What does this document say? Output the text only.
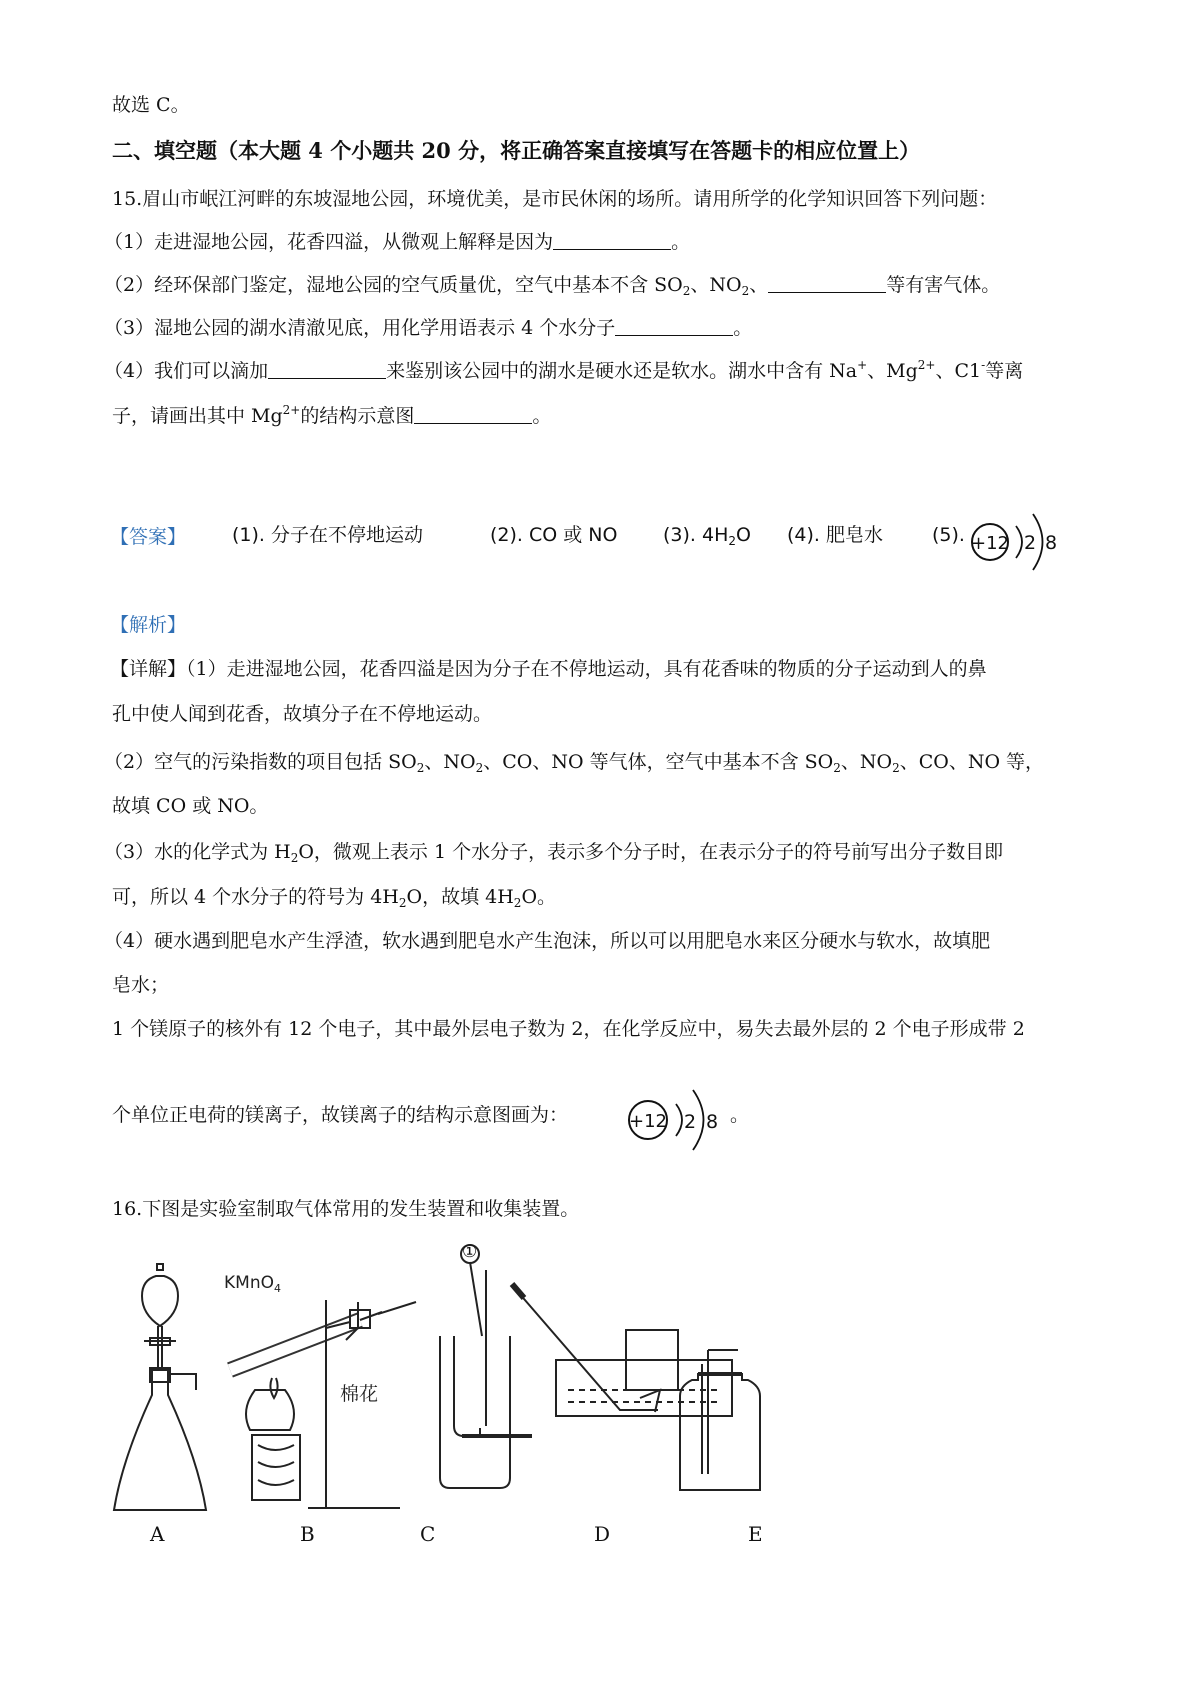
故选 C。
二、填空题（本大题 4 个小题共 20 分，将正确答案直接填写在答题卡的相应位置上）
15.眉山市岷江河畔的东坡湿地公园，环境优美，是市民休闲的场所。请用所学的化学知识回答下列问题：
（1）走进湿地公园，花香四溢，从微观上解释是因为	。
（2）经环保部门鉴定，湿地公园的空气质量优，空气中基本不含 $SO_2$、$NO_2$、	等有害气体。
（3）湿地公园的湖水清澈见底，用化学用语表示 4 个水分子	。
（4）我们可以滴加	来鉴别该公园中的湖水是硬水还是软水。湖水中含有 Na+、$Mg^{2+}$、C1-等离
子，请画出其中 $Mg^{2+}$的结构示意图	。
【答案】 (1). 分子在不停地运动	(2). CO 或 NO (3). $4H_2O$ (4). 肥皂水	(5). +12 2 8
【解析】
【详解】（1）走进湿地公园，花香四溢是因为分子在不停地运动，具有花香味的物质的分子运动到人的鼻
孔中使人闻到花香，故填分子在不停地运动。
（2）空气的污染指数的项目包括 $SO_2$、$NO_2$、CO、NO 等气体，空气中基本不含 $SO_2$、$NO_2$、CO、NO 等，
故填 CO 或 NO。
（3）水的化学式为 $H_2O$，微观上表示 1 个水分子，表示多个分子时，在表示分子的符号前写出分子数目即
可，所以 4 个水分子的符号为 $4H_2O$，故填 $4H_2O$。
（4）硬水遇到肥皂水产生浮渣，软水遇到肥皂水产生泡沫，所以可以用肥皂水来区分硬水与软水，故填肥
皂水；
1 个镁原子的核外有 12 个电子，其中最外层电子数为 2，在化学反应中，易失去最外层的 2 个电子形成带 2
个单位正电荷的镁离子，故镁离子的结构示意图画为：	+12 2 8 。
16.下图是实验室制取气体常用的发生装置和收集装置。
KMnO$_4$
棉花
①
A	B	C	D	E
